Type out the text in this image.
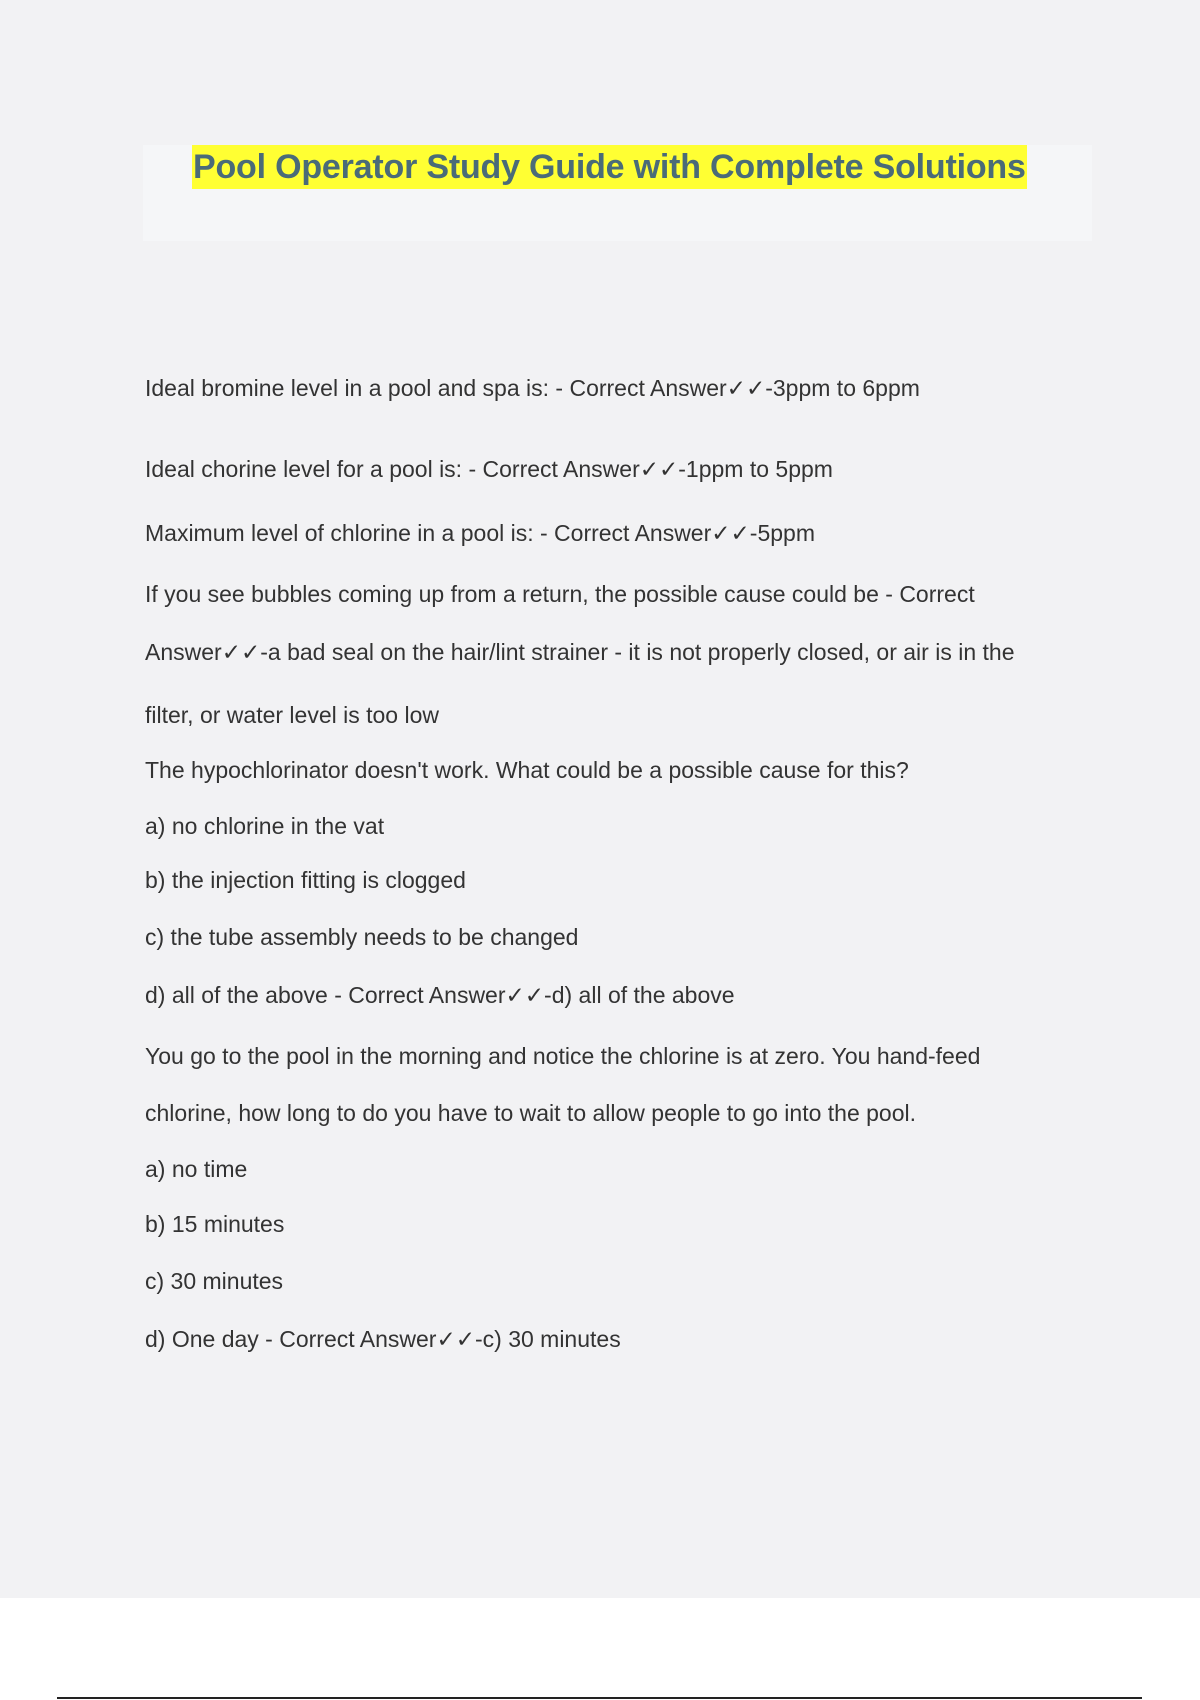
Pool Operator Study Guide with Complete Solutions
Ideal bromine level in a pool and spa is: - Correct Answer✓✓-3ppm to 6ppm
Ideal chorine level for a pool is: - Correct Answer✓✓-1ppm to 5ppm
Maximum level of chlorine in a pool is: - Correct Answer✓✓-5ppm
If you see bubbles coming up from a return, the possible cause could be - Correct
Answer✓✓-a bad seal on the hair/lint strainer - it is not properly closed, or air is in the
filter, or water level is too low
The hypochlorinator doesn't work. What could be a possible cause for this?
a) no chlorine in the vat
b) the injection fitting is clogged
c) the tube assembly needs to be changed
d) all of the above - Correct Answer✓✓-d) all of the above
You go to the pool in the morning and notice the chlorine is at zero. You hand-feed
chlorine, how long to do you have to wait to allow people to go into the pool.
a) no time
b) 15 minutes
c) 30 minutes
d) One day - Correct Answer✓✓-c) 30 minutes
